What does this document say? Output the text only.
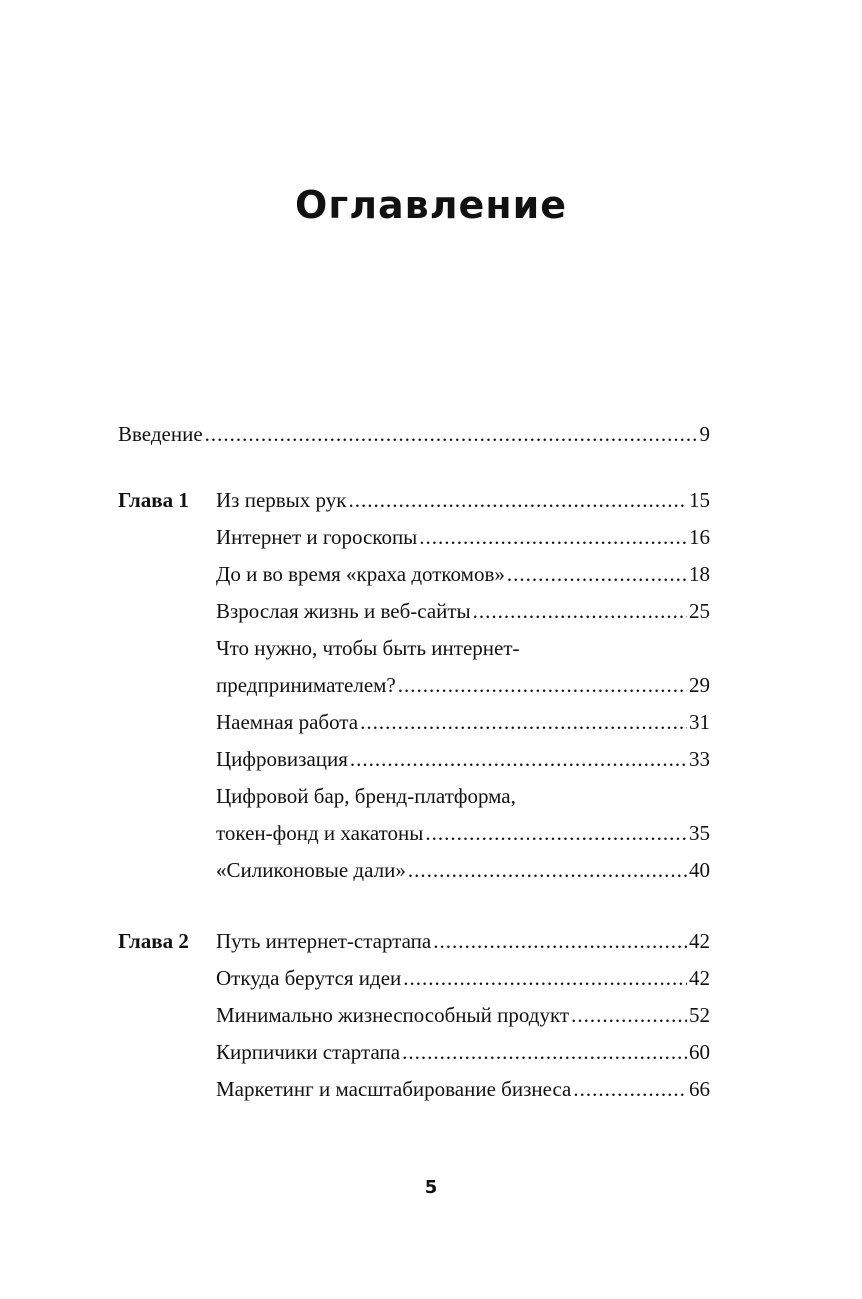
Оглавление
Введение .....	9
Глава 1 Из первых рук .....	15
Интернет и гороскопы .....	16
До и во время «краха доткомов» .....	18
Взрослая жизнь и веб-сайты .....	25
Что нужно, чтобы быть интернет-
предпринимателем? .....	29
Наемная работа .....	31
Цифровизация .....	33
Цифровой бар, бренд-платформа,
токен-фонд и хакатоны .....	35
«Силиконовые дали» .....	40
Глава 2 Путь интернет-стартапа .....	42
Откуда берутся идеи .....	42
Минимально жизнеспособный продукт .....	52
Кирпичики стартапа .....	60
Маркетинг и масштабирование бизнеса .....	66
5
